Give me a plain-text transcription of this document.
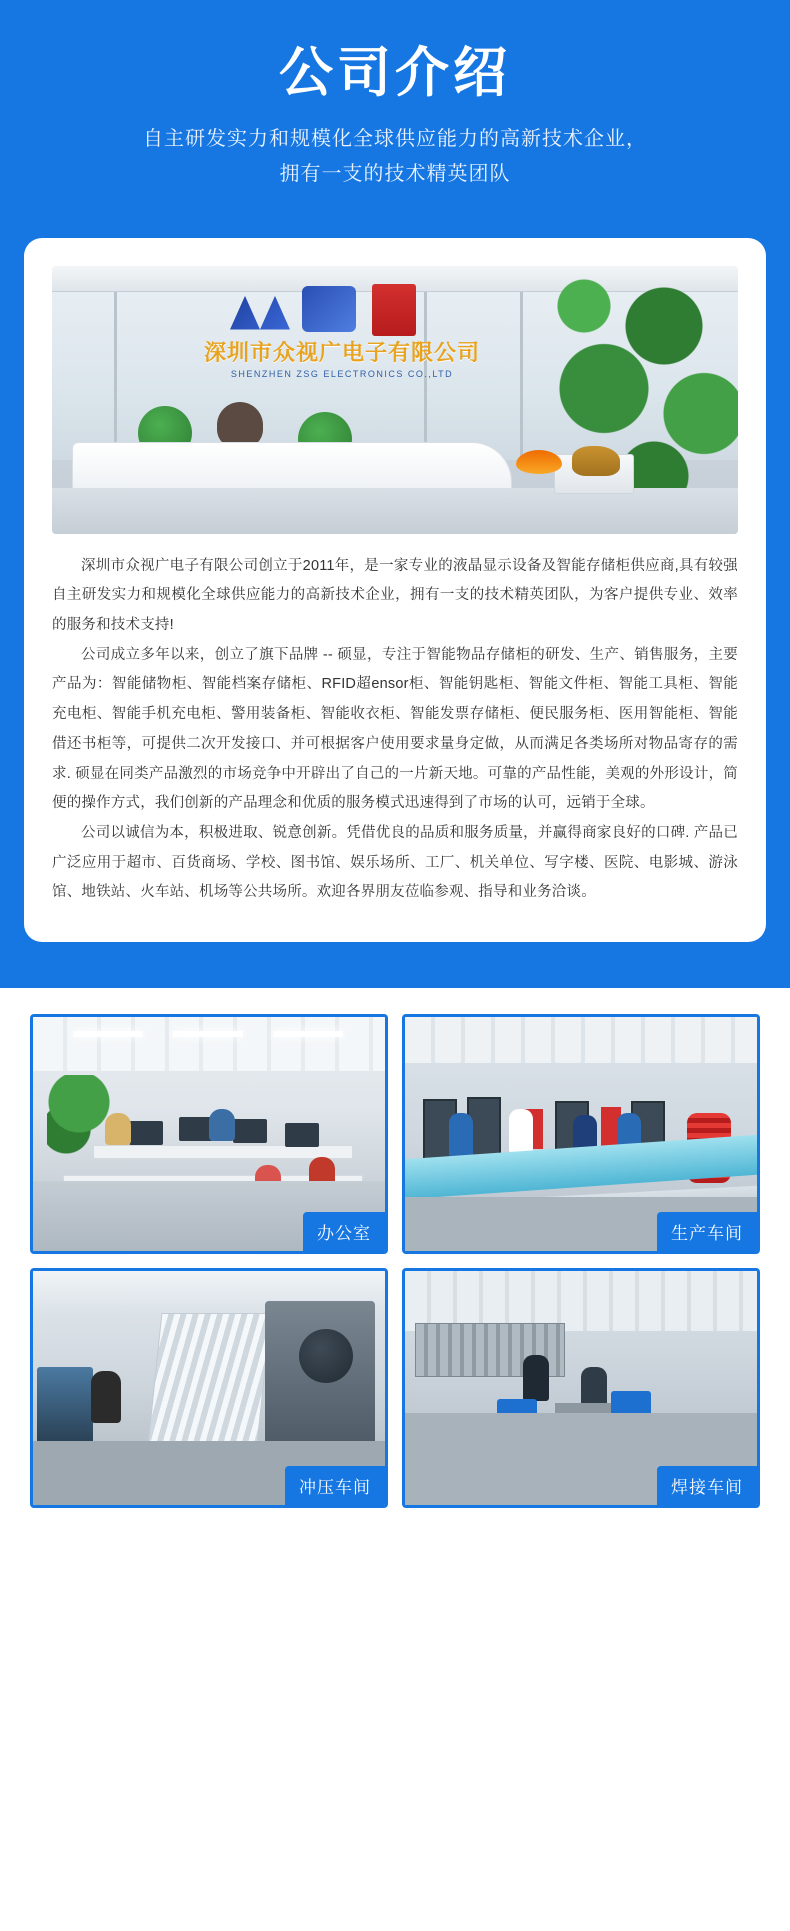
公司介绍
自主研发实力和规模化全球供应能力的高新技术企业，
拥有一支的技术精英团队
深圳市众视广电子有限公司
SHENZHEN ZSG ELECTRONICS CO.,LTD

深圳市众视广电子有限公司创立于2011年，是一家专业的液晶显示设备及智能存储柜供应商,具有较强自主研发实力和规模化全球供应能力的高新技术企业，拥有一支的技术精英团队，为客户提供专业、效率的服务和技术支持!

公司成立多年以来，创立了旗下品牌 -- 硕显，专注于智能物品存储柜的研发、生产、销售服务，主要产品为：智能储物柜、智能档案存储柜、RFID超ensor柜、智能钥匙柜、智能文件柜、智能工具柜、智能充电柜、智能手机充电柜、警用装备柜、智能收衣柜、智能发票存储柜、便民服务柜、医用智能柜、智能借还书柜等，可提供二次开发接口、并可根据客户使用要求量身定做，从而满足各类场所对物品寄存的需求. 硕显在同类产品激烈的市场竞争中开辟出了自己的一片新天地。可靠的产品性能，美观的外形设计，简便的操作方式，我们创新的产品理念和优质的服务模式迅速得到了市场的认可，远销于全球。

公司以诚信为本，积极进取、锐意创新。凭借优良的品质和服务质量，并赢得商家良好的口碑. 产品已广泛应用于超市、百货商场、学校、图书馆、娱乐场所、工厂、机关单位、写字楼、医院、电影城、游泳馆、地铁站、火车站、机场等公共场所。欢迎各界朋友莅临参观、指导和业务洽谈。

办公室	生产车间
冲压车间	焊接车间
